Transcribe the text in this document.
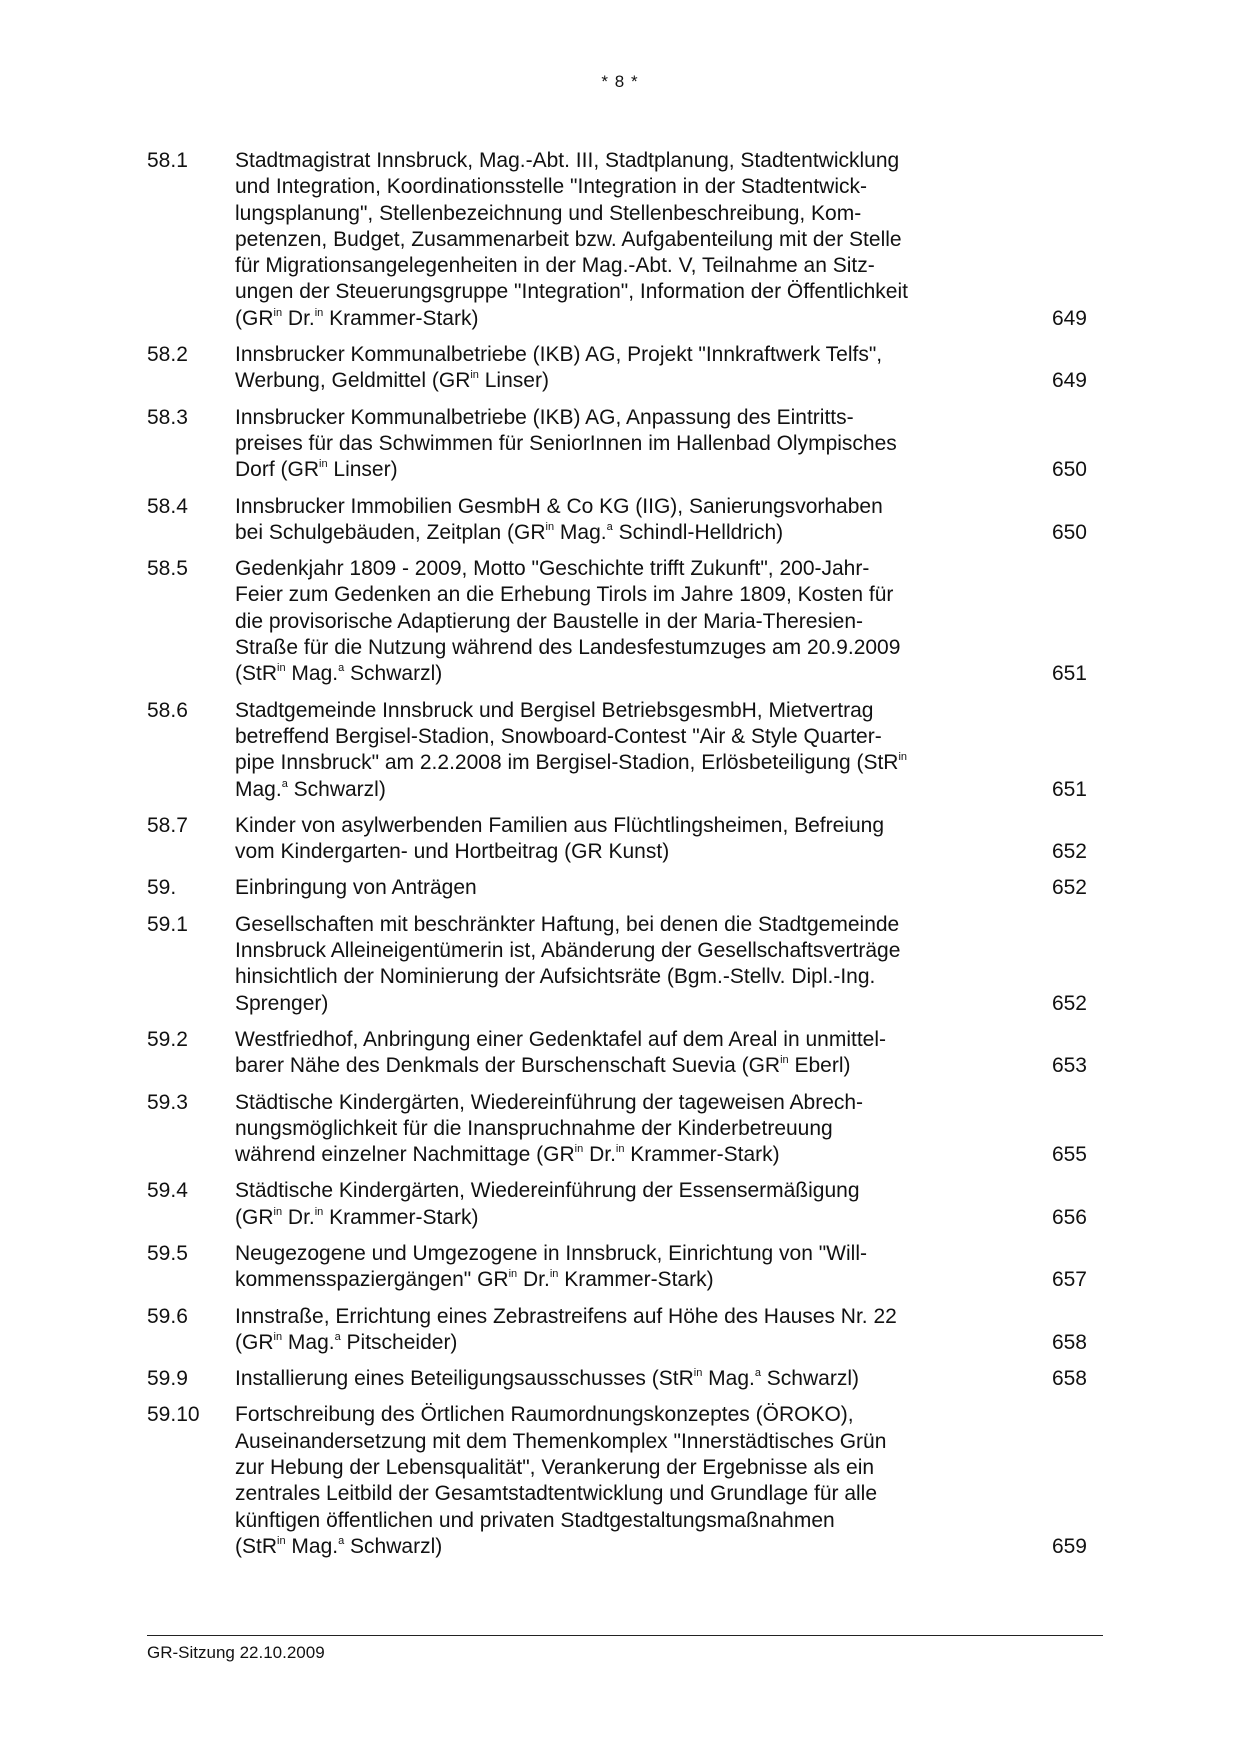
* 8 *
58.1	Stadtmagistrat Innsbruck, Mag.-Abt. III, Stadtplanung, Stadtentwicklung
und Integration, Koordinationsstelle "Integration in der Stadtentwick-
lungsplanung", Stellenbezeichnung und Stellenbeschreibung, Kom-
petenzen, Budget, Zusammenarbeit bzw. Aufgabenteilung mit der Stelle
für Migrationsangelegenheiten in der Mag.-Abt. V, Teilnahme an Sitz-
ungen der Steuerungsgruppe "Integration", Information der Öffentlichkeit
($GR^{in}$ Dr.$^{in}$ Krammer-Stark)	649
58.2	Innsbrucker Kommunalbetriebe (IKB) AG, Projekt "Innkraftwerk Telfs",
Werbung, Geldmittel ($GR^{in}$ Linser)	649
58.3	Innsbrucker Kommunalbetriebe (IKB) AG, Anpassung des Eintritts-
preises für das Schwimmen für SeniorInnen im Hallenbad Olympisches
Dorf ($GR^{in}$ Linser)	650
58.4	Innsbrucker Immobilien GesmbH & Co KG (IIG), Sanierungsvorhaben
bei Schulgebäuden, Zeitplan ($GR^{in}$ Mag.$^a$ Schindl-Helldrich)	650
58.5	Gedenkjahr 1809 - 2009, Motto "Geschichte trifft Zukunft", 200-Jahr-
Feier zum Gedenken an die Erhebung Tirols im Jahre 1809, Kosten für
die provisorische Adaptierung der Baustelle in der Maria-Theresien-
Straße für die Nutzung während des Landesfestumzuges am 20.9.2009
(StR$^{in}$ Mag.$^a$ Schwarzl)	651
58.6	Stadtgemeinde Innsbruck und Bergisel BetriebsgesmbH, Mietvertrag
betreffend Bergisel-Stadion, Snowboard-Contest "Air & Style Quarter-
pipe Innsbruck" am 2.2.2008 im Bergisel-Stadion, Erlösbeteiligung (StR$^{in}$
Mag.$^a$ Schwarzl)	651
58.7	Kinder von asylwerbenden Familien aus Flüchtlingsheimen, Befreiung
vom Kindergarten- und Hortbeitrag (GR Kunst)	652
59.	Einbringung von Anträgen	652
59.1	Gesellschaften mit beschränkter Haftung, bei denen die Stadtgemeinde
Innsbruck Alleineigentümerin ist, Abänderung der Gesellschaftsverträge
hinsichtlich der Nominierung der Aufsichtsräte (Bgm.-Stellv. Dipl.-Ing.
Sprenger)	652
59.2	Westfriedhof, Anbringung einer Gedenktafel auf dem Areal in unmittel-
barer Nähe des Denkmals der Burschenschaft Suevia ($GR^{in}$ Eberl)	653
59.3	Städtische Kindergärten, Wiedereinführung der tageweisen Abrech-
nungsmöglichkeit für die Inanspruchnahme der Kinderbetreuung
während einzelner Nachmittage ($GR^{in}$ Dr.$^{in}$ Krammer-Stark)	655
59.4	Städtische Kindergärten, Wiedereinführung der Essensermäßigung
($GR^{in}$ Dr.$^{in}$ Krammer-Stark)	656
59.5	Neugezogene und Umgezogene in Innsbruck, Einrichtung von "Will-
kommensspaziergängen" $GR^{in}$ Dr.$^{in}$ Krammer-Stark)	657
59.6	Innstraße, Errichtung eines Zebrastreifens auf Höhe des Hauses Nr. 22
($GR^{in}$ Mag.$^a$ Pitscheider)	658
59.9	Installierung eines Beteiligungsausschusses (StR$^{in}$ Mag.$^a$ Schwarzl)	658
59.10	Fortschreibung des Örtlichen Raumordnungskonzeptes (ÖROKO),
Auseinandersetzung mit dem Themenkomplex "Innerstädtisches Grün
zur Hebung der Lebensqualität", Verankerung der Ergebnisse als ein
zentrales Leitbild der Gesamtstadtentwicklung und Grundlage für alle
künftigen öffentlichen und privaten Stadtgestaltungsmaßnahmen
(StR$^{in}$ Mag.$^a$ Schwarzl)	659
GR-Sitzung 22.10.2009
